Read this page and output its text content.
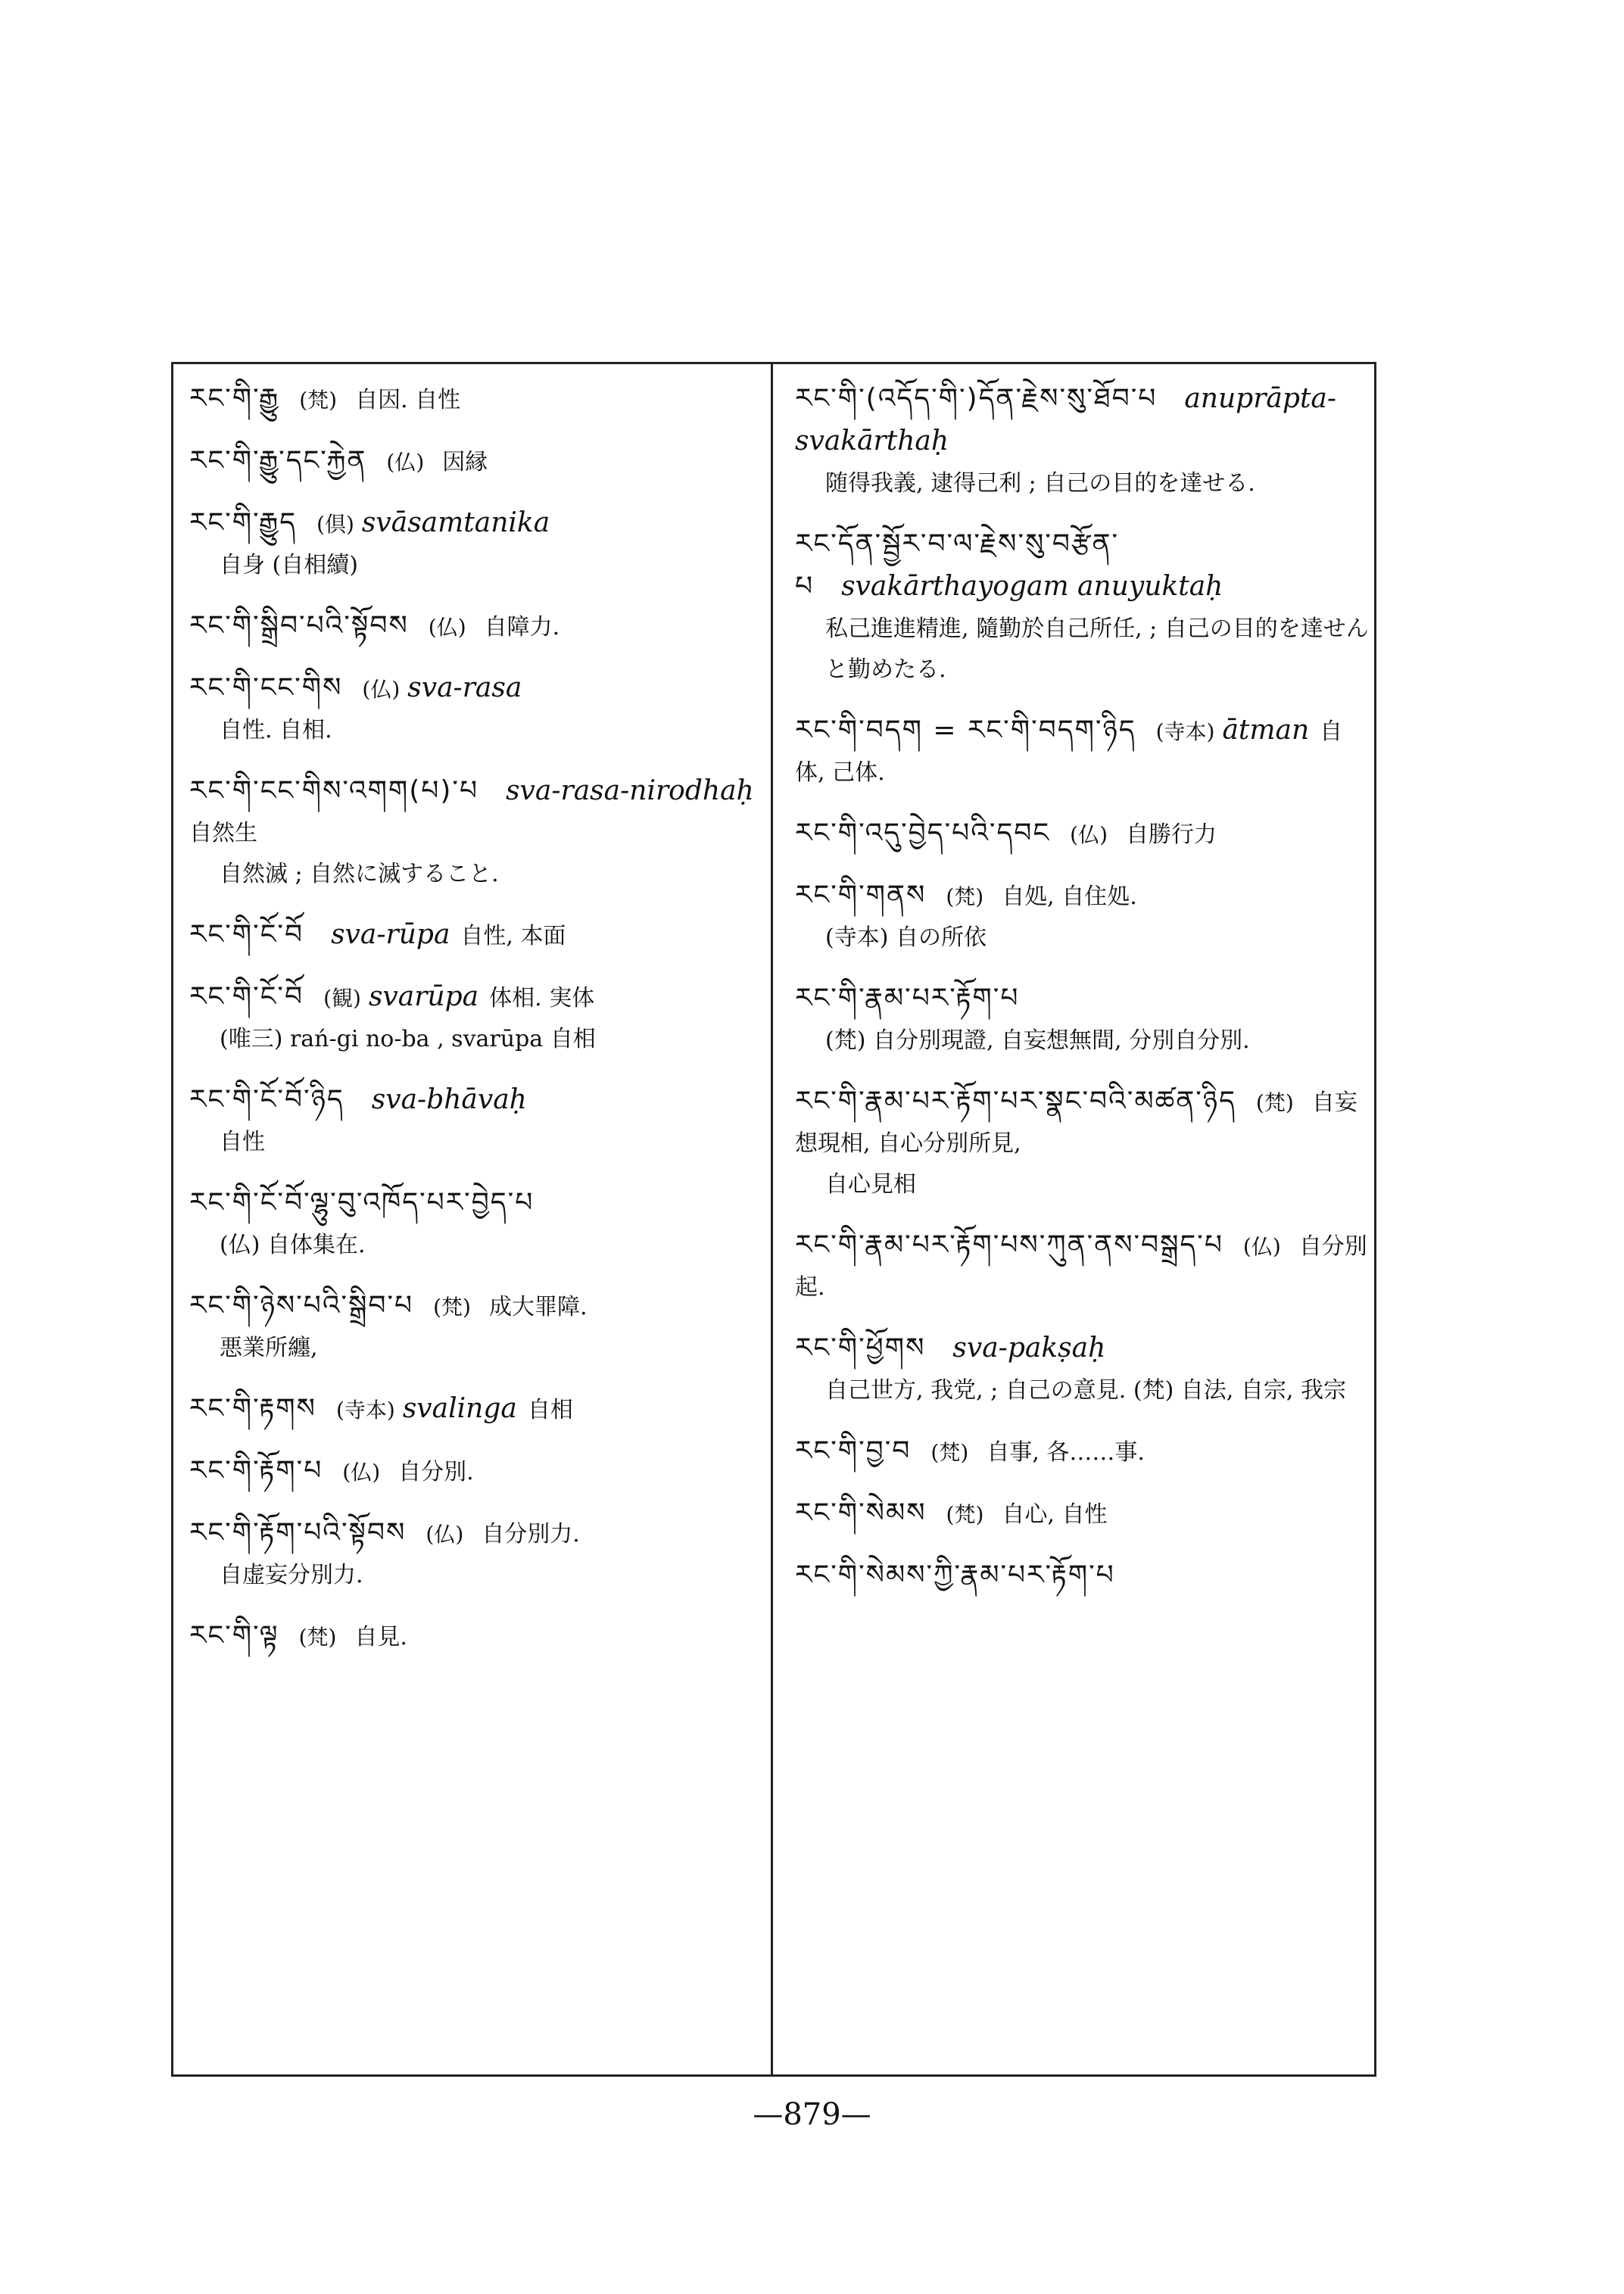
རང་གི་རྒྱུ (梵) 自因. 自性
རང་གི་རྒྱུ་དང་རྐྱེན (仏) 因縁
རང་གི་རྒྱུད (倶) svāsamtanika
自身 (自相續)
རང་གི་སྒྲིབ་པའི་སྟོབས (仏) 自障力.
རང་གི་ངང་གིས (仏) sva-rasa
自性. 自相.
རང་གི་ངང་གིས་འགག(པ)་པ sva-rasa-nirodhaḥ自然生
自然滅 ; 自然に滅すること.
རང་གི་ངོ་བོ sva-rūpa 自性, 本面
རང་གི་ངོ་བོ (観) svarūpa 体相. 実体
(唯三) rań-gi no-ba , svarūpa 自相
རང་གི་ངོ་བོ་ཉིད sva-bhāvaḥ
自性
རང་གི་ངོ་བོ་ལྷུ་བུ་འཁོད་པར་བྱེད་པ
(仏) 自体集在.
རང་གི་ཉེས་པའི་སྒྲིབ་པ (梵) 成大罪障.
悪業所纏,
རང་གི་རྟགས (寺本) svalinga 自相
རང་གི་རྟོག་པ (仏) 自分別.
རང་གི་རྟོག་པའི་སྟོབས (仏) 自分別力.
自虚妄分別力.
རང་གི་ལྟ (梵) 自見.
རང་གི་(འདོད་གི་)དོན་རྗེས་སུ་ཐོབ་པ anuprāpta-svakārthaḥ
随得我義, 逮得己利 ; 自己の目的を達せる.
རང་དོན་སྦྱོར་བ་ལ་རྗེས་སུ་བརྩོན་པ svakārthayogam anuyuktaḥ
私己進進精進, 隨勤於自己所任, ; 自己の目的を達せんと勤めたる.
རང་གི་བདག = རང་གི་བདག་ཉིད (寺本) ātman 自体, 己体.
རང་གི་འདུ་བྱེད་པའི་དབང (仏) 自勝行力
རང་གི་གནས (梵) 自処, 自住処.
(寺本) 自の所依
རང་གི་རྣམ་པར་རྟོག་པ
(梵) 自分別現證, 自妄想無間, 分別自分別.
རང་གི་རྣམ་པར་རྟོག་པར་སྣང་བའི་མཚན་ཉིད (梵) 自妄想現相, 自心分別所見,
自心見相
རང་གི་རྣམ་པར་རྟོག་པས་ཀུན་ནས་བསྒྲད་པ (仏) 自分別起.
རང་གི་ཕྱོགས sva-pakṣaḥ
自己世方, 我党, ; 自己の意見. (梵) 自法, 自宗, 我宗
རང་གི་བྱ་བ (梵) 自事, 各……事.
རང་གི་སེམས (梵) 自心, 自性
རང་གི་སེམས་ཀྱི་རྣམ་པར་རྟོག་པ
—879—
